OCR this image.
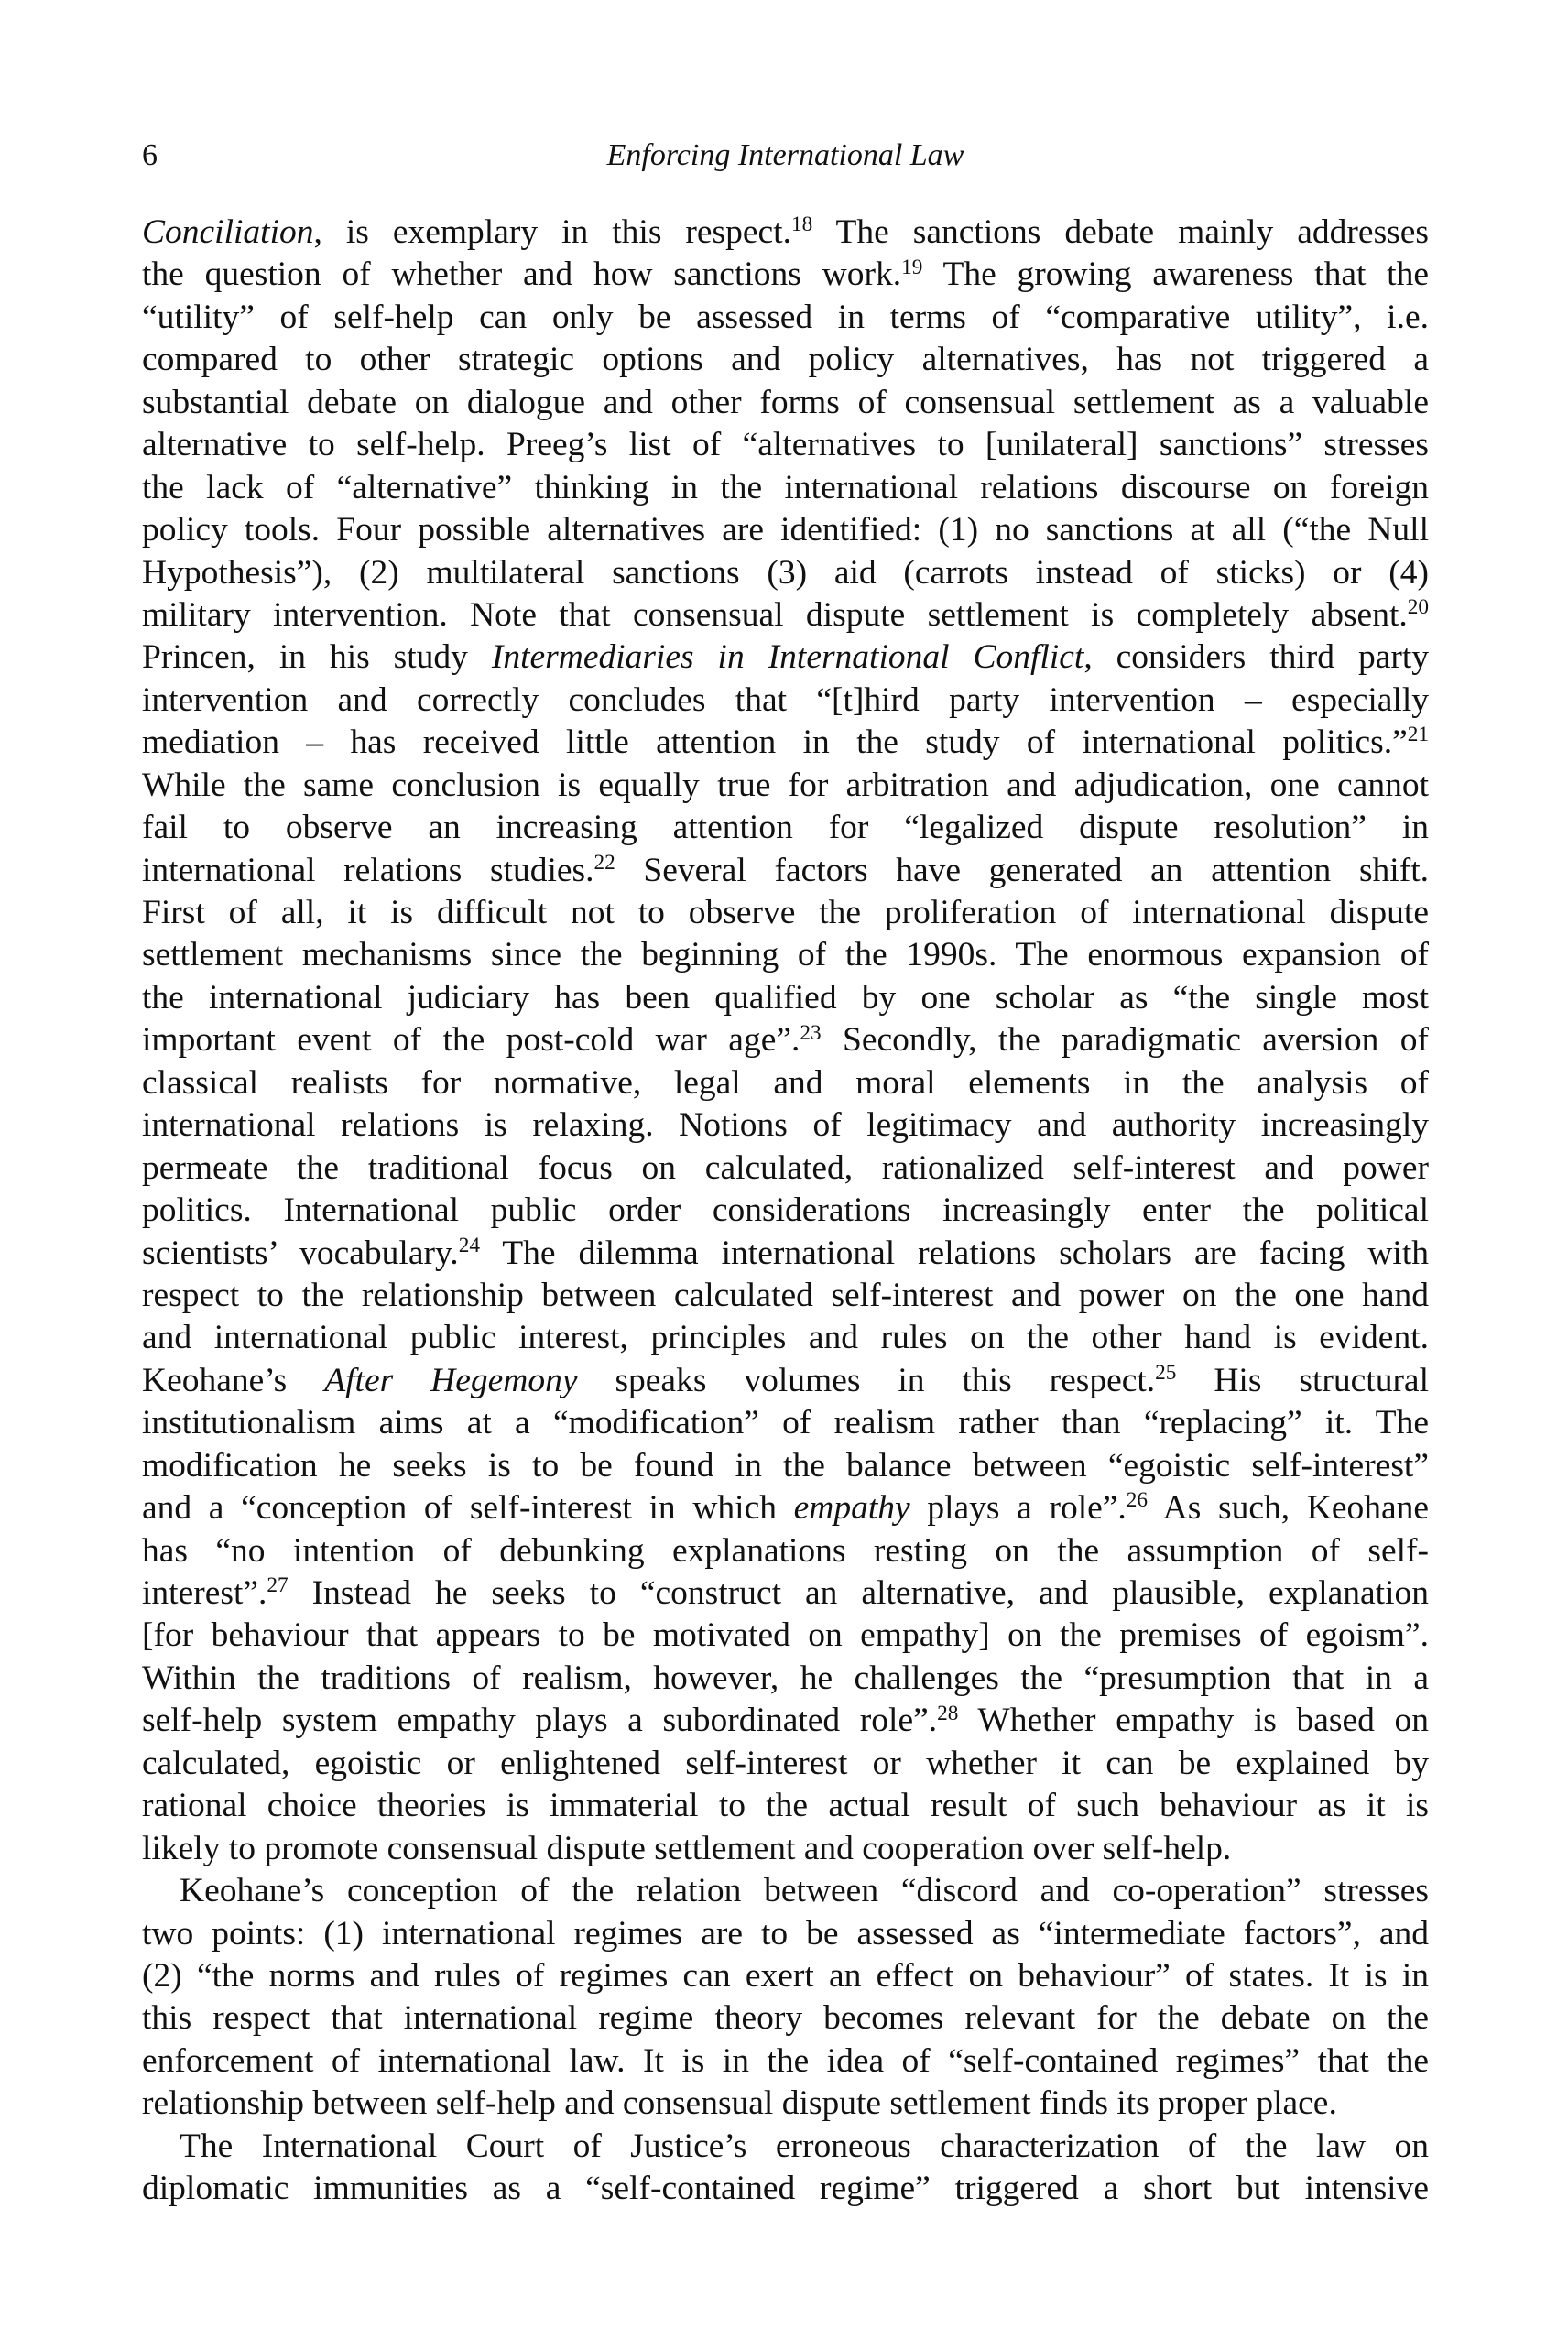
6	Enforcing International Law
Conciliation, is exemplary in this respect.$^{18}$ The sanctions debate mainly addresses
the question of whether and how sanctions work.$^{19}$ The growing awareness that the
“utility” of self-help can only be assessed in terms of “comparative utility”, i.e.
compared to other strategic options and policy alternatives, has not triggered a
substantial debate on dialogue and other forms of consensual settlement as a valuable
alternative to self-help. Preeg’s list of “alternatives to [unilateral] sanctions” stresses
the lack of “alternative” thinking in the international relations discourse on foreign
policy tools. Four possible alternatives are identified: (1) no sanctions at all (“the Null
Hypothesis”), (2) multilateral sanctions (3) aid (carrots instead of sticks) or (4)
military intervention. Note that consensual dispute settlement is completely absent.$^{20}$
Princen, in his study Intermediaries in International Conflict, considers third party
intervention and correctly concludes that “[t]hird party intervention – especially
mediation – has received little attention in the study of international politics.”$^{21}$
While the same conclusion is equally true for arbitration and adjudication, one cannot
fail to observe an increasing attention for “legalized dispute resolution” in
international relations studies.$^{22}$ Several factors have generated an attention shift.
First of all, it is difficult not to observe the proliferation of international dispute
settlement mechanisms since the beginning of the 1990s. The enormous expansion of
the international judiciary has been qualified by one scholar as “the single most
important event of the post-cold war age”.$^{23}$ Secondly, the paradigmatic aversion of
classical realists for normative, legal and moral elements in the analysis of
international relations is relaxing. Notions of legitimacy and authority increasingly
permeate the traditional focus on calculated, rationalized self-interest and power
politics. International public order considerations increasingly enter the political
scientists’ vocabulary.$^{24}$ The dilemma international relations scholars are facing with
respect to the relationship between calculated self-interest and power on the one hand
and international public interest, principles and rules on the other hand is evident.
Keohane’s After Hegemony speaks volumes in this respect.$^{25}$ His structural
institutionalism aims at a “modification” of realism rather than “replacing” it. The
modification he seeks is to be found in the balance between “egoistic self-interest”
and a “conception of self-interest in which empathy plays a role”.$^{26}$ As such, Keohane
has “no intention of debunking explanations resting on the assumption of self-
interest”.$^{27}$ Instead he seeks to “construct an alternative, and plausible, explanation
[for behaviour that appears to be motivated on empathy] on the premises of egoism”.
Within the traditions of realism, however, he challenges the “presumption that in a
self-help system empathy plays a subordinated role”.$^{28}$ Whether empathy is based on
calculated, egoistic or enlightened self-interest or whether it can be explained by
rational choice theories is immaterial to the actual result of such behaviour as it is
likely to promote consensual dispute settlement and cooperation over self-help.
Keohane’s conception of the relation between “discord and co-operation” stresses
two points: (1) international regimes are to be assessed as “intermediate factors”, and
(2) “the norms and rules of regimes can exert an effect on behaviour” of states. It is in
this respect that international regime theory becomes relevant for the debate on the
enforcement of international law. It is in the idea of “self-contained regimes” that the
relationship between self-help and consensual dispute settlement finds its proper place.
The International Court of Justice’s erroneous characterization of the law on
diplomatic immunities as a “self-contained regime” triggered a short but intensive
